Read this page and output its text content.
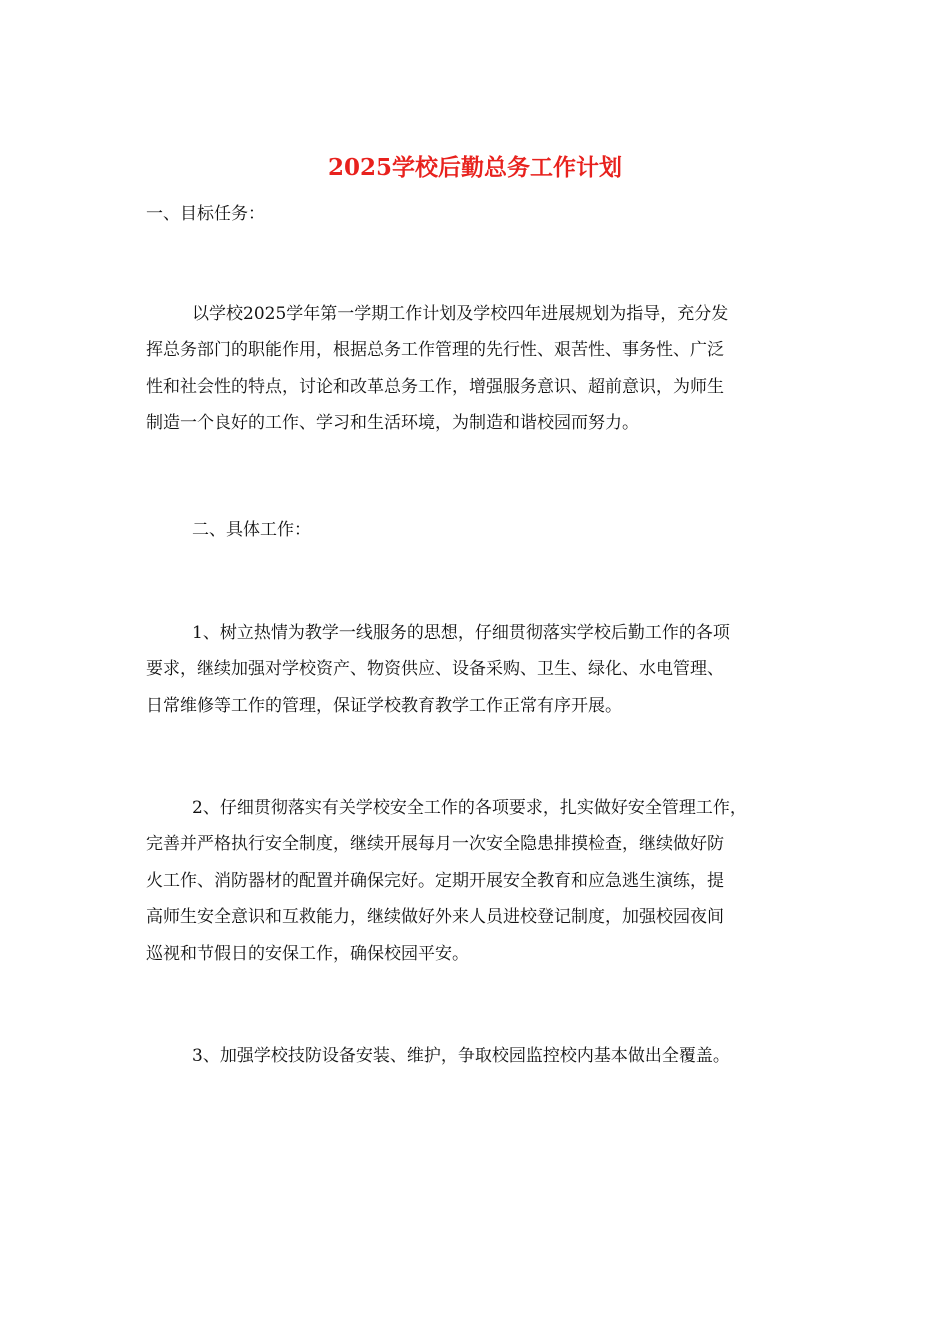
2025学校后勤总务工作计划
一、目标任务：
以学校2025学年第一学期工作计划及学校四年进展规划为指导，充分发
挥总务部门的职能作用，根据总务工作管理的先行性、艰苦性、事务性、广泛
性和社会性的特点，讨论和改革总务工作，增强服务意识、超前意识，为师生
制造一个良好的工作、学习和生活环境，为制造和谐校园而努力。
二、具体工作：
1、树立热情为教学一线服务的思想，仔细贯彻落实学校后勤工作的各项
要求，继续加强对学校资产、物资供应、设备采购、卫生、绿化、水电管理、
日常维修等工作的管理，保证学校教育教学工作正常有序开展。
2、仔细贯彻落实有关学校安全工作的各项要求，扎实做好安全管理工作，
完善并严格执行安全制度，继续开展每月一次安全隐患排摸检查，继续做好防
火工作、消防器材的配置并确保完好。定期开展安全教育和应急逃生演练，提
高师生安全意识和互救能力，继续做好外来人员进校登记制度，加强校园夜间
巡视和节假日的安保工作，确保校园平安。
3、加强学校技防设备安装、维护，争取校园监控校内基本做出全覆盖。
